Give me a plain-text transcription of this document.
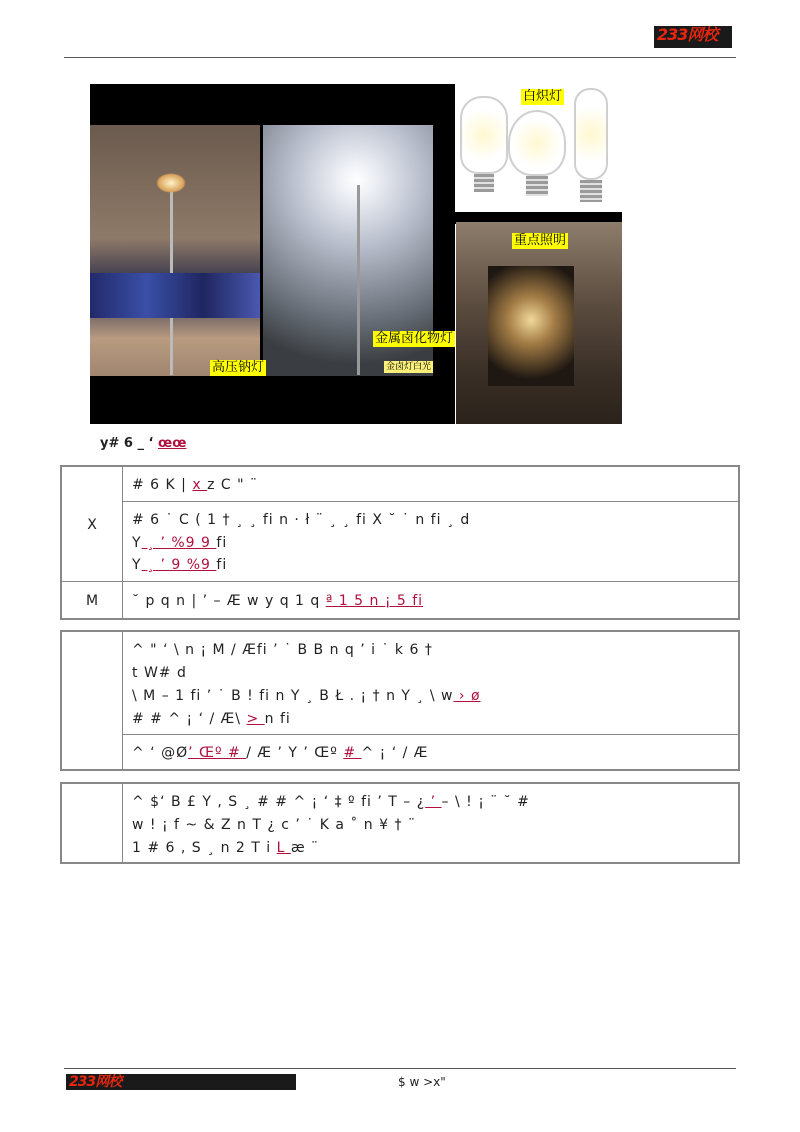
233网校
白炽灯
重点照明
高压钠灯
金属卤化物灯
金卤灯白光
y# 6 _ ‘ œœ
X
# 6 K | x z C " ¨
# 6 ˙ C ( 1 † ¸ ¸ fi n · ł ¨ ¸ ¸ fi X ˘ ˙ n fi ¸ d
Y ¸ ’ %9 9 fi
Y ¸ ’ 9 %9 fi
M	˘ p q n | ’ – Æ w y q 1 q ª 1 5 n ¡ 5 fi
^ " ‘ \ n ¡ M / Æfi ’ ˙ B B n q ’ i ˙ k 6 †
t W# d
\ M – 1 fi ’ ˙ B ! fi n Y ¸ B Ł . ¡ † n Y ¸ \ w › ø
# # ^ ¡ ‘ / Æ\ > n fi
^ ‘ @Ø’ Œº # / Æ ’ Y ’ Œº # ^ ¡ ‘ / Æ
^ $‘ B £ Y , S ¸ # # ^ ¡ ‘ ‡ º fi ’ T – ¿ ’ – \ ! ¡ ¨ ˘ #
w ! ¡ f ~ & Z n T ¿ c ’ ˙ K a ˚ n ¥ † ¨
1 # 6 , S ¸ n 2 T i L æ ¨
233网校	$ w >x"
